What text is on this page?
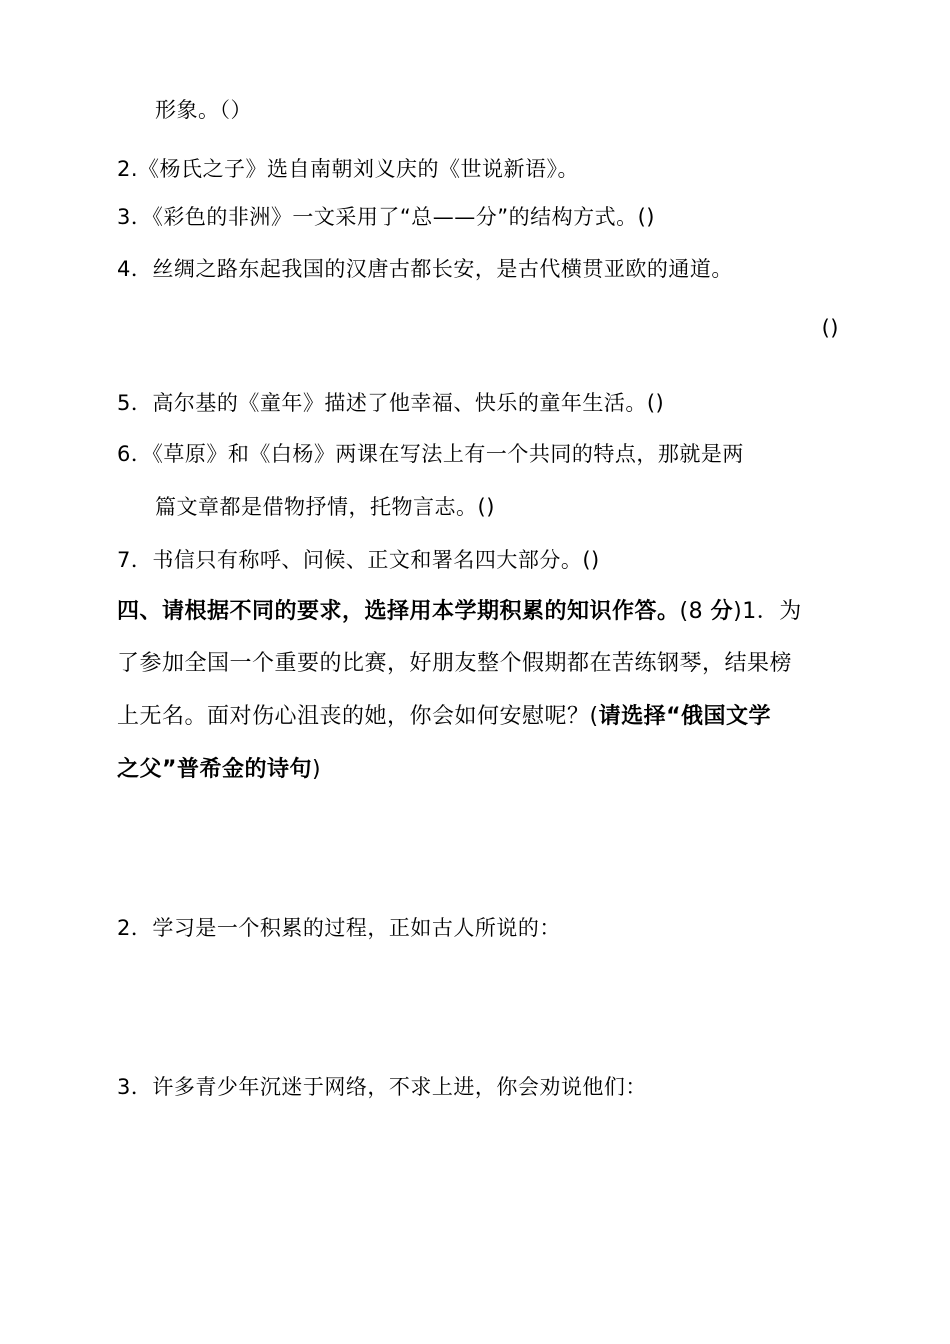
形象。（）
2.《杨氏之子》选自南朝刘义庆的《世说新语》。
3．《彩色的非洲》一文采用了“总——分”的结构方式。()
4．丝绸之路东起我国的汉唐古都长安，是古代横贯亚欧的通道。
()
5．高尔基的《童年》描述了他幸福、快乐的童年生活。()
6．《草原》和《白杨》两课在写法上有一个共同的特点，那就是两
篇文章都是借物抒情，托物言志。()
7．书信只有称呼、问候、正文和署名四大部分。()
四、请根据不同的要求，选择用本学期积累的知识作答。(8 分)1．为
了参加全国一个重要的比赛，好朋友整个假期都在苦练钢琴，结果榜
上无名。面对伤心沮丧的她，你会如何安慰呢？(请选择“俄国文学
之父”普希金的诗句)
2．学习是一个积累的过程，正如古人所说的：
3．许多青少年沉迷于网络，不求上进，你会劝说他们：
